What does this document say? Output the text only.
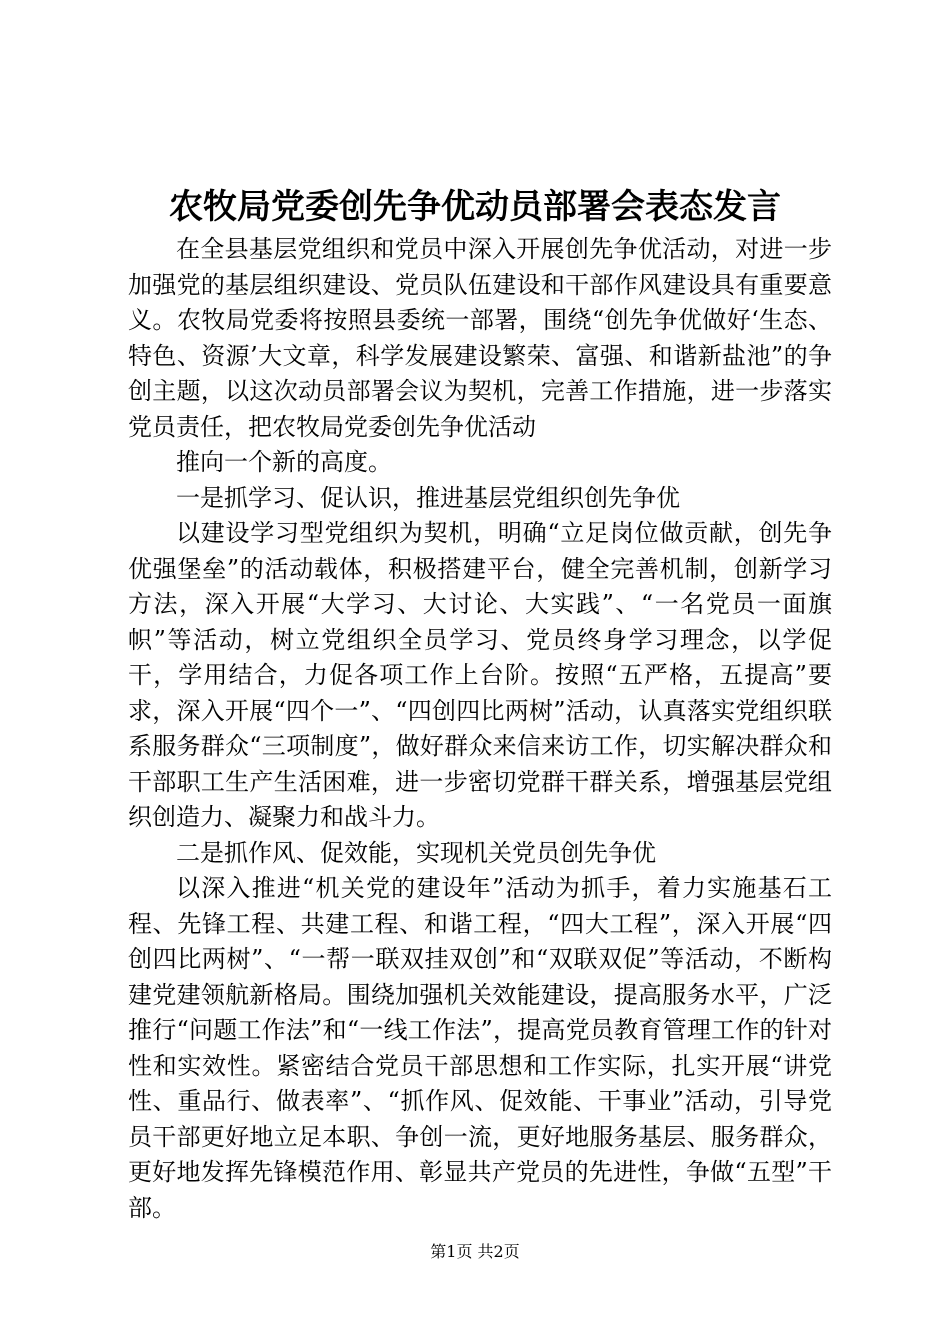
农牧局党委创先争优动员部署会表态发言

在全县基层党组织和党员中深入开展创先争优活动，对进一步加强党的基层组织建设、党员队伍建设和干部作风建设具有重要意义。农牧局党委将按照县委统一部署，围绕“创先争优做好‘生态、特色、资源’大文章，科学发展建设繁荣、富强、和谐新盐池”的争创主题，以这次动员部署会议为契机，完善工作措施，进一步落实党员责任，把农牧局党委创先争优活动

推向一个新的高度。

一是抓学习、促认识，推进基层党组织创先争优

以建设学习型党组织为契机，明确“立足岗位做贡献，创先争优强堡垒”的活动载体，积极搭建平台，健全完善机制，创新学习方法，深入开展“大学习、大讨论、大实践”、“一名党员一面旗帜”等活动，树立党组织全员学习、党员终身学习理念，以学促干，学用结合，力促各项工作上台阶。按照“五严格，五提高”要求，深入开展“四个一”、“四创四比两树”活动，认真落实党组织联系服务群众“三项制度”，做好群众来信来访工作，切实解决群众和干部职工生产生活困难，进一步密切党群干群关系，增强基层党组织创造力、凝聚力和战斗力。

二是抓作风、促效能，实现机关党员创先争优

以深入推进“机关党的建设年”活动为抓手，着力实施基石工程、先锋工程、共建工程、和谐工程，“四大工程”，深入开展“四创四比两树”、“一帮一联双挂双创”和“双联双促”等活动，不断构建党建领航新格局。围绕加强机关效能建设，提高服务水平，广泛推行“问题工作法”和“一线工作法”，提高党员教育管理工作的针对性和实效性。紧密结合党员干部思想和工作实际，扎实开展“讲党性、重品行、做表率”、“抓作风、促效能、干事业”活动，引导党员干部更好地立足本职、争创一流，更好地服务基层、服务群众，更好地发挥先锋模范作用、彰显共产党员的先进性，争做“五型”干部。

第1页 共2页
